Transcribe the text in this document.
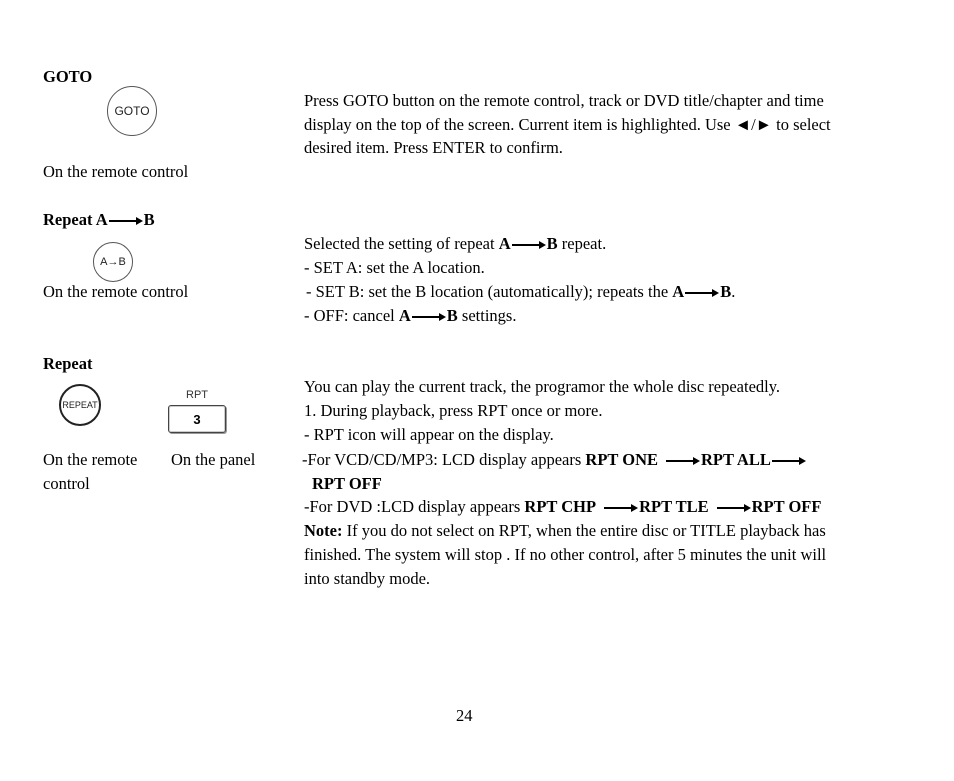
GOTO
GOTO
On the remote control
Press GOTO button on the remote control, track or DVD title/chapter and time
display on the top of the screen. Current item is highlighted. Use ◄/► to select
desired item. Press ENTER to confirm.
Repeat A B
A→B
On the remote control
Selected the setting of repeat A B repeat.
- SET A: set the A location.
- SET B: set the B location (automatically); repeats the A B.
- OFF: cancel A B settings.
Repeat
REPEAT
RPT
3
On the remote
control
On the panel
You can play the current track, the programor the whole disc repeatedly.
1. During playback, press RPT once or more.
- RPT icon will appear on the display.
-For VCD/CD/MP3: LCD display appears RPT ONE	RPT ALL
RPT OFF
-For DVD :LCD display appears RPT CHP	RPT TLE	RPT OFF
Note: If you do not select on RPT, when the entire disc or TITLE playback has
finished. The system will stop . If no other control, after 5 minutes the unit will
into standby mode.
24
